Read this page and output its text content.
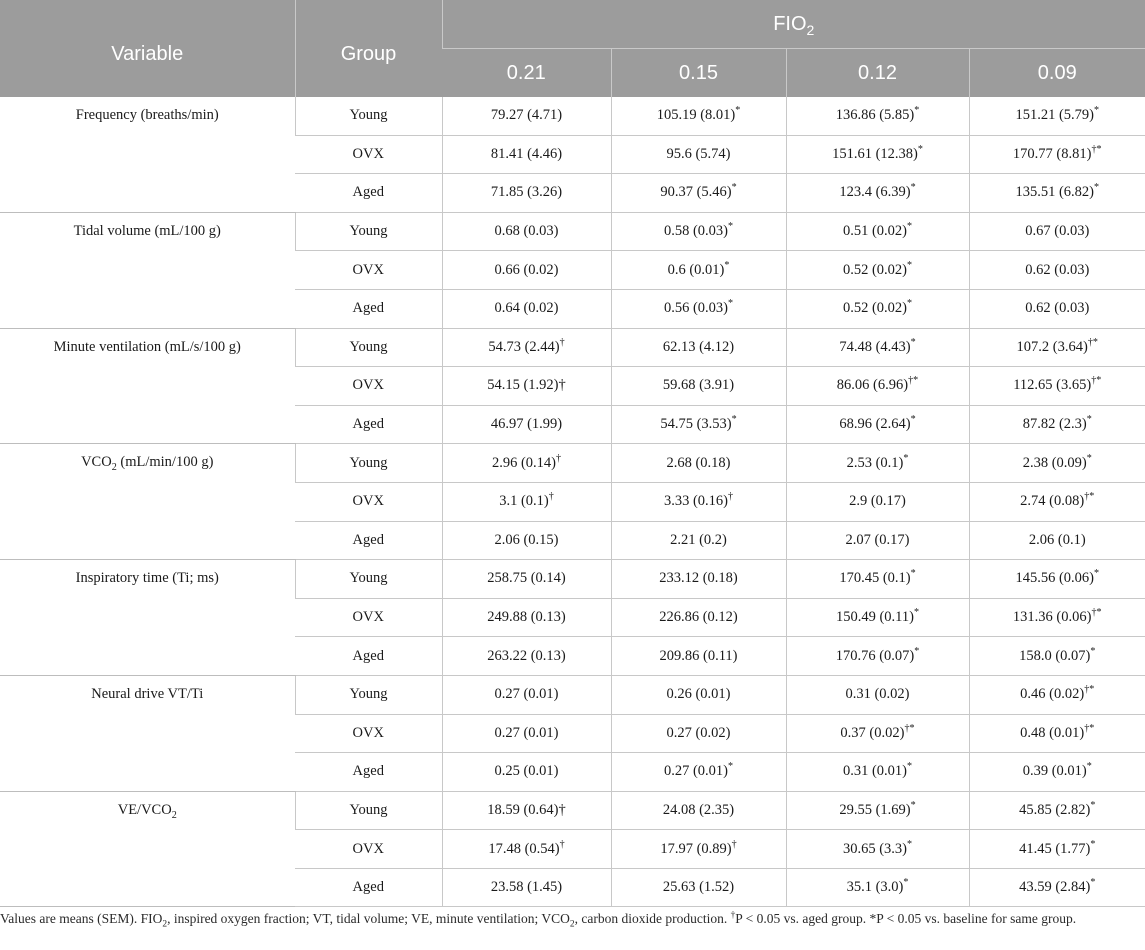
Variable	Group	$FIO_2$
		0.21	0.15	0.12	0.09
Frequency (breaths/min)	Young	79.27 (4.71)	105.19 (8.01)*	136.86 (5.85)*	151.21 (5.79)*
	OVX	81.41 (4.46)	95.6 (5.74)	151.61 (12.38)*	170.77 (8.81)†*
	Aged	71.85 (3.26)	90.37 (5.46)*	123.4 (6.39)*	135.51 (6.82)*
Tidal volume (mL/100 g)	Young	0.68 (0.03)	0.58 (0.03)*	0.51 (0.02)*	0.67 (0.03)
	OVX	0.66 (0.02)	0.6 (0.01)*	0.52 (0.02)*	0.62 (0.03)
	Aged	0.64 (0.02)	0.56 (0.03)*	0.52 (0.02)*	0.62 (0.03)
Minute ventilation (mL/s/100 g)	Young	54.73 (2.44)†	62.13 (4.12)	74.48 (4.43)*	107.2 (3.64)†*
	OVX	54.15 (1.92)†	59.68 (3.91)	86.06 (6.96)†*	112.65 (3.65)†*
	Aged	46.97 (1.99)	54.75 (3.53)*	68.96 (2.64)*	87.82 (2.3)*
$VCO_2$ (mL/min/100 g)	Young	2.96 (0.14)†	2.68 (0.18)	2.53 (0.1)*	2.38 (0.09)*
	OVX	3.1 (0.1)†	3.33 (0.16)†	2.9 (0.17)	2.74 (0.08)†*
	Aged	2.06 (0.15)	2.21 (0.2)	2.07 (0.17)	2.06 (0.1)
Inspiratory time (Ti; ms)	Young	258.75 (0.14)	233.12 (0.18)	170.45 (0.1)*	145.56 (0.06)*
	OVX	249.88 (0.13)	226.86 (0.12)	150.49 (0.11)*	131.36 (0.06)†*
	Aged	263.22 (0.13)	209.86 (0.11)	170.76 (0.07)*	158.0 (0.07)*
Neural drive VT/Ti	Young	0.27 (0.01)	0.26 (0.01)	0.31 (0.02)	0.46 (0.02)†*
	OVX	0.27 (0.01)	0.27 (0.02)	0.37 (0.02)†*	0.48 (0.01)†*
	Aged	0.25 (0.01)	0.27 (0.01)*	0.31 (0.01)*	0.39 (0.01)*
$VE/VCO_2$	Young	18.59 (0.64)†	24.08 (2.35)	29.55 (1.69)*	45.85 (2.82)*
	OVX	17.48 (0.54)†	17.97 (0.89)†	30.65 (3.3)*	41.45 (1.77)*
	Aged	23.58 (1.45)	25.63 (1.52)	35.1 (3.0)*	43.59 (2.84)*
Values are means (SEM). $FIO_2$, inspired oxygen fraction; VT, tidal volume; VE, minute ventilation; $VCO_2$, carbon dioxide production. †P < 0.05 vs. aged group. *P < 0.05 vs. baseline for same group.
